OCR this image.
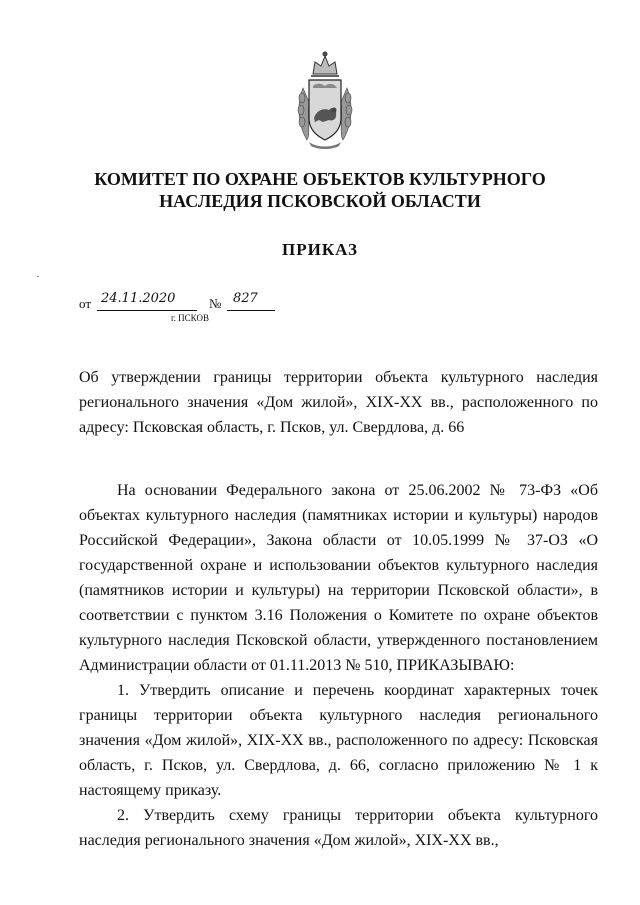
КОМИТЕТ ПО ОХРАНЕ ОБЪЕКТОВ КУЛЬТУРНОГО
НАСЛЕДИЯ ПСКОВСКОЙ ОБЛАСТИ
ПРИКАЗ
от 24.11.2020	№ 827
г. ПСКОВ
Об утверждении границы территории объекта культурного наследия регионального значения «Дом жилой», XIX-XX вв., расположенного по адресу: Псковская область, г. Псков, ул. Свердлова, д. 66

На основании Федерального закона от 25.06.2002 № 73-ФЗ «Об объектах культурного наследия (памятниках истории и культуры) народов Российской Федерации», Закона области от 10.05.1999 № 37-ОЗ «О государственной охране и использовании объектов культурного наследия (памятников истории и культуры) на территории Псковской области», в соответствии с пунктом 3.16 Положения о Комитете по охране объектов культурного наследия Псковской области, утвержденного постановлением Администрации области от 01.11.2013 № 510, ПРИКАЗЫВАЮ:

1. Утвердить описание и перечень координат характерных точек границы территории объекта культурного наследия регионального значения «Дом жилой», XIX-XX вв., расположенного по адресу: Псковская область, г. Псков, ул. Свердлова, д. 66, согласно приложению № 1 к настоящему приказу.

2. Утвердить схему границы территории объекта культурного наследия регионального значения «Дом жилой», XIX-XX вв.,
